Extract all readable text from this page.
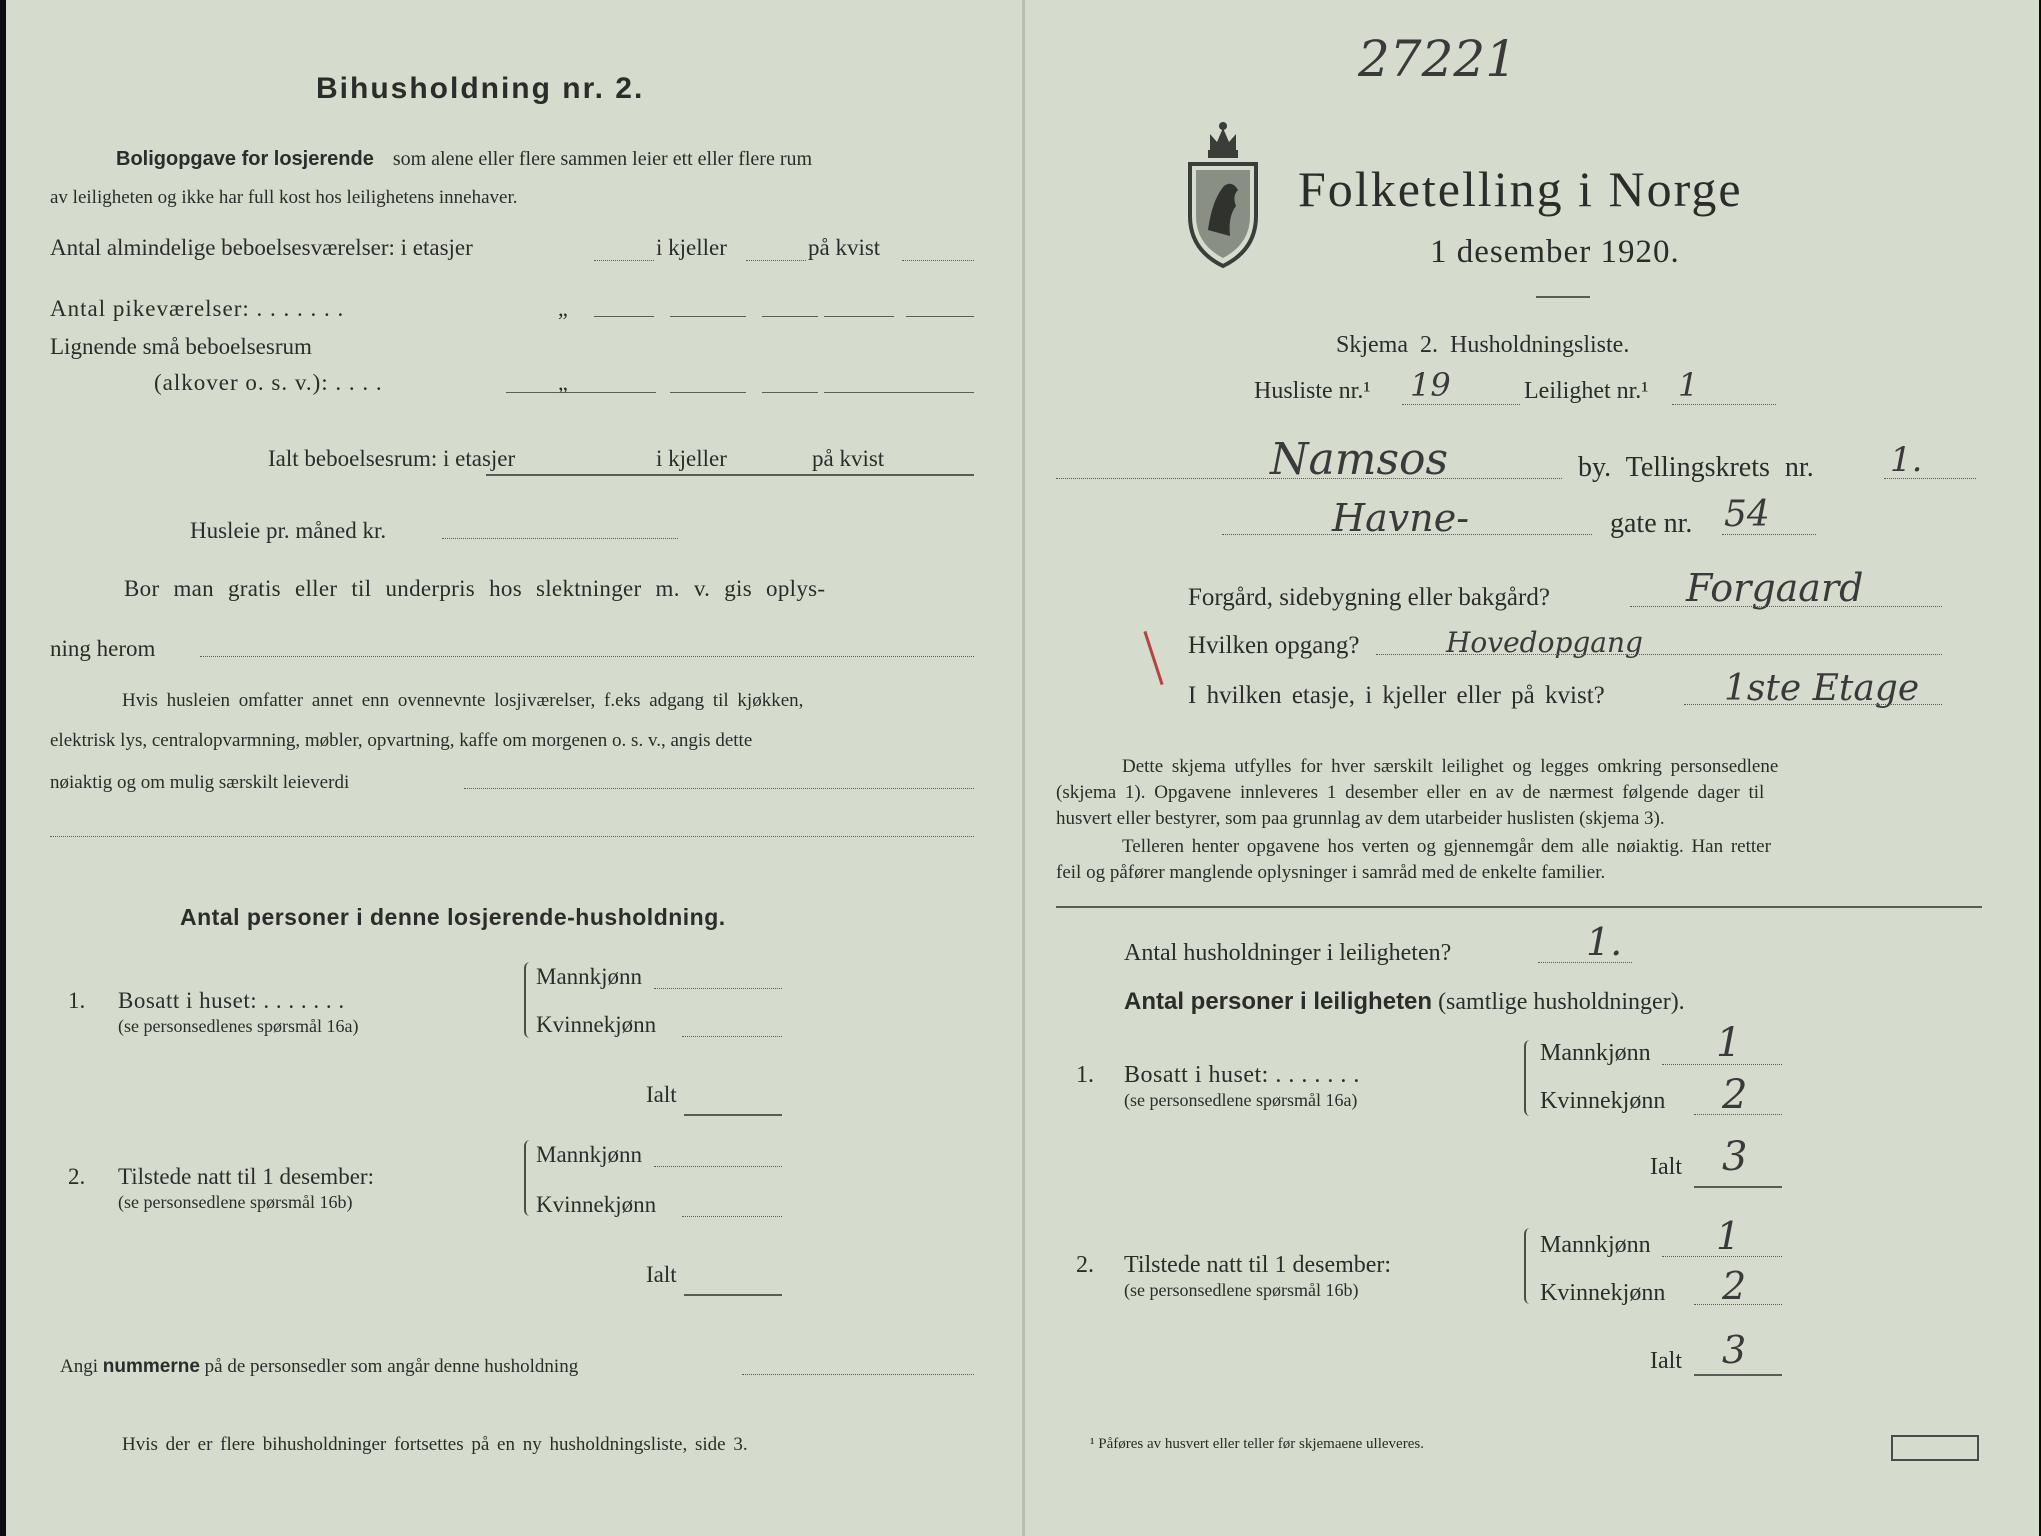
Bihusholdning nr. 2.
Boligopgave for losjerende som alene eller flere sammen leier ett eller flere rum
av leiligheten og ikke har full kost hos leilighetens innehaver.
Antal almindelige beboelsesværelser: i etasjer	i kjeller	på kvist
Antal pikeværelser: . . . . . . .	„
Lignende små beboelsesrum
(alkover o. s. v.): . . . .	„
Ialt beboelsesrum: i etasjer	i kjeller	på kvist
Husleie pr. måned kr.
Bor man gratis eller til underpris hos slektninger m. v. gis oplys-
ning herom
Hvis husleien omfatter annet enn ovennevnte losjiværelser, f.eks adgang til kjøkken,
elektrisk lys, centralopvarmning, møbler, opvartning, kaffe om morgenen o. s. v., angis dette
nøiaktig og om mulig særskilt leieverdi
Antal personer i denne losjerende-husholdning.
1. Bosatt i huset: . . . . . . .
(se personsedlenes spørsmål 16a)
Mannkjønn
Kvinnekjønn
Ialt
2. Tilstede natt til 1 desember:
(se personsedlene spørsmål 16b)
Mannkjønn
Kvinnekjønn
Ialt
Angi nummerne på de personsedler som angår denne husholdning
Hvis der er flere bihusholdninger fortsettes på en ny husholdningsliste, side 3.
27221
Folketelling i Norge
1 desember 1920.
Skjema 2. Husholdningsliste.
Husliste nr.¹ 19	Leilighet nr.¹ 1
Namsos	by. Tellingskrets nr. 1.
Havne-	gate nr. 54
Forgård, sidebygning eller bakgård?	Forgaard
Hvilken opgang?	Hovedopgang
I hvilken etasje, i kjeller eller på kvist?	1ste Etage
Dette skjema utfylles for hver særskilt leilighet og legges omkring personsedlene
(skjema 1). Opgavene innleveres 1 desember eller en av de nærmest følgende dager til
husvert eller bestyrer, som paa grunnlag av dem utarbeider huslisten (skjema 3).
Telleren henter opgavene hos verten og gjennemgår dem alle nøiaktig. Han retter
feil og påfører manglende oplysninger i samråd med de enkelte familier.
Antal husholdninger i leiligheten?	1.
Antal personer i leiligheten (samtlige husholdninger).
1. Bosatt i huset: . . . . . . .
(se personsedlene spørsmål 16a)
Mannkjønn 1
Kvinnekjønn 2
Ialt 3
2. Tilstede natt til 1 desember:
(se personsedlene spørsmål 16b)
Mannkjønn 1
Kvinnekjønn 2
Ialt 3
¹ Påføres av husvert eller teller før skjemaene ulleveres.
